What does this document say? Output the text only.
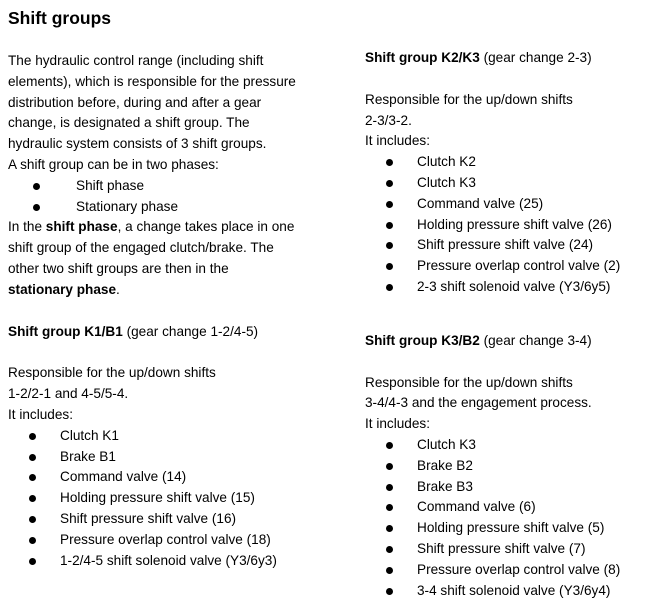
Shift groups

The hydraulic control range (including shift

elements), which is responsible for the pressure

distribution before, during and after a gear

change, is designated a shift group. The

hydraulic system consists of 3 shift groups.

A shift group can be in two phases:

Shift phase
Stationary phase

In the shift phase, a change takes place in one

shift group of the engaged clutch/brake. The

other two shift groups are then in the

stationary phase.

Shift group K1/B1 (gear change 1-2/4-5)

Responsible for the up/down shifts

1-2/2-1 and 4-5/5-4.

It includes:

Clutch K1
Brake B1
Command valve (14)
Holding pressure shift valve (15)
Shift pressure shift valve (16)
Pressure overlap control valve (18)
1-2/4-5 shift solenoid valve (Y3/6y3)

Shift group K2/K3 (gear change 2-3)

Responsible for the up/down shifts

2-3/3-2.

It includes:

Clutch K2
Clutch K3
Command valve (25)
Holding pressure shift valve (26)
Shift pressure shift valve (24)
Pressure overlap control valve (2)
2-3 shift solenoid valve (Y3/6y5)

Shift group K3/B2 (gear change 3-4)

Responsible for the up/down shifts

3-4/4-3 and the engagement process.

It includes:

Clutch K3
Brake B2
Brake B3
Command valve (6)
Holding pressure shift valve (5)
Shift pressure shift valve (7)
Pressure overlap control valve (8)
3-4 shift solenoid valve (Y3/6y4)
